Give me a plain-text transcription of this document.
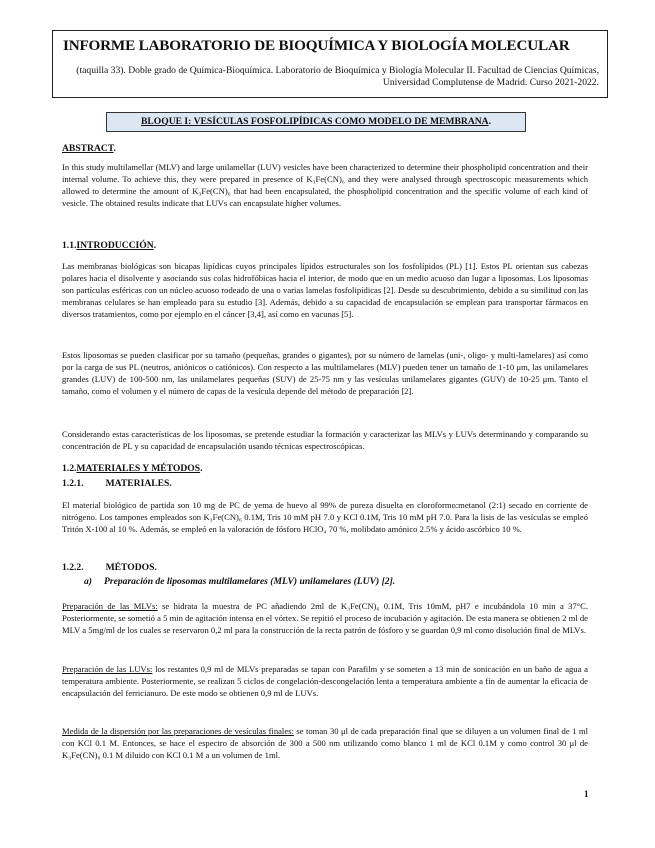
INFORME LABORATORIO DE BIOQUÍMICA Y BIOLOGÍA MOLECULAR
(taquilla 33). Doble grado de Química-Bioquímica. Laboratorio de Bioquímica y Biología Molecular II. Facultad de Ciencias Químicas, Universidad Complutense de Madrid. Curso 2021-2022.
BLOQUE I: VESÍCULAS FOSFOLIPÍDICAS COMO MODELO DE MEMBRANA.
ABSTRACT.
In this study multilamellar (MLV) and large unilamellar (LUV) vesicles have been characterized to determine their phospholipid concentration and their internal volume. To achieve this, they were prepared in presence of K₃Fe(CN)₆ and they were analysed through spectroscopic measurements which allowed to determine the amount of K₃Fe(CN)₆ that had been encapsulated, the phospholipid concentration and the specific volume of each kind of vesicle. The obtained results indicate that LUVs can encapsulate higher volumes.
1.1.INTRODUCCIÓN.
Las membranas biológicas son bicapas lipídicas cuyos principales lípidos estructurales son los fosfolípidos (PL) [1]. Estos PL orientan sus cabezas polares hacia el disolvente y asociando sus colas hidrofóbicas hacia el interior, de modo que en un medio acuoso dan lugar a liposomas. Los liposomas son partículas esféricas con un núcleo acuoso rodeado de una o varias lamelas fosfolipídicas [2]. Desde su descubrimiento, debido a su similitud con las membranas celulares se han empleado para su estudio [3]. Además, debido a su capacidad de encapsulación se emplean para transportar fármacos en diversos tratamientos, como por ejemplo en el cáncer [3,4], así como en vacunas [5].
Estos liposomas se pueden clasificar por su tamaño (pequeñas, grandes o gigantes), por su número de lamelas (uni-, oligo- y multi-lamelares) así como por la carga de sus PL (neutros, aniónicos o catiónicos). Con respecto a las multilamelares (MLV) pueden tener un tamaño de 1-10 μm, las unilamelares grandes (LUV) de 100-500 nm, las unilamelares pequeñas (SUV) de 25-75 nm y las vesículas unilamelares gigantes (GUV) de 10-25 μm. Tanto el tamaño, como el volumen y el número de capas de la vesícula depende del método de preparación [2].
Considerando estas características de los liposomas, se pretende estudiar la formación y caracterizar las MLVs y LUVs determinando y comparando su concentración de PL y su capacidad de encapsulación usando técnicas espectroscópicas.
1.2.MATERIALES Y MÉTODOS.
1.2.1. MATERIALES.
El material biológico de partida son 10 mg de PC de yema de huevo al 99% de pureza disuelta en cloroformo:metanol (2:1) secado en corriente de nitrógeno. Los tampones empleados son K₃Fe(CN)₆ 0.1M, Tris 10 mM pH 7.0 y KCl 0.1M, Tris 10 mM pH 7.0. Para la lisis de las vesículas se empleó Tritón X-100 al 10 %. Además, se empleó en la valoración de fósforo HClO₄ 70 %, molibdato amónico 2.5% y ácido ascórbico 10 %.
1.2.2. MÉTODOS.
a) Preparación de liposomas multilamelares (MLV) unilamelares (LUV) [2].
Preparación de las MLVs: se hidrata la muestra de PC añadiendo 2ml de K₃Fe(CN)₆ 0.1M, Tris 10mM, pH7 e incubándola 10 min a 37°C. Posteriormente, se sometió a 5 min de agitación intensa en el vórtex. Se repitió el proceso de incubación y agitación. De esta manera se obtienen 2 ml de MLV a 5mg/ml de los cuales se reservaron 0,2 ml para la construcción de la recta patrón de fósforo y se guardan 0,9 ml como disolución final de MLVs.
Preparación de las LUVs: los restantes 0,9 ml de MLVs preparadas se tapan con Parafilm y se someten a 13 min de sonicación en un baño de agua a temperatura ambiente. Posteriormente, se realizan 5 ciclos de congelación-descongelación lenta a temperatura ambiente a fin de aumentar la eficacia de encapsulación del ferricianuro. De este modo se obtienen 0,9 ml de LUVs.
Medida de la dispersión por las preparaciones de vesículas finales: se toman 30 μl de cada preparación final que se diluyen a un volumen final de 1 ml con KCl 0.1 M. Entonces, se hace el espectro de absorción de 300 a 500 nm utilizando como blanco 1 ml de KCl 0.1M y como control 30 μl de K₃Fe(CN)₆ 0.1 M diluido con KCl 0.1 M a un volumen de 1ml.
1
